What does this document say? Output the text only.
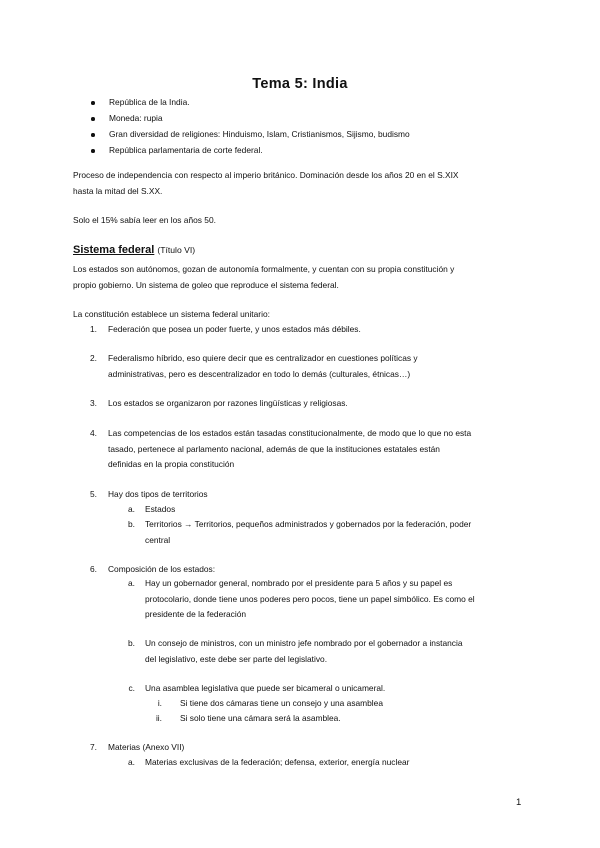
Tema 5: India
República de la India.
Moneda: rupia
Gran diversidad de religiones: Hinduismo, Islam, Cristianismos, Sijismo, budismo
República parlamentaria de corte federal.
Proceso de independencia con respecto al imperio británico. Dominación desde los años 20 en el S.XIX
hasta la mitad del S.XX.
Solo el 15% sabía leer en los años 50.
Sistema federal (Título VI)
Los estados son autónomos, gozan de autonomía formalmente, y cuentan con su propia constitución y
propio gobierno. Un sistema de goleo que reproduce el sistema federal.
La constitución establece un sistema federal unitario:
1. Federación que posea un poder fuerte, y unos estados más débiles.
2. Federalismo híbrido, eso quiere decir que es centralizador en cuestiones políticas y
administrativas, pero es descentralizador en todo lo demás (culturales, étnicas…)
3. Los estados se organizaron por razones lingüísticas y religiosas.
4. Las competencias de los estados están tasadas constitucionalmente, de modo que lo que no esta
tasado, pertenece al parlamento nacional, además de que la instituciones estatales están
definidas en la propia constitución
5. Hay dos tipos de territorios
a. Estados
b. Territorios → Territorios, pequeños administrados y gobernados por la federación, poder
central
6. Composición de los estados:
a. Hay un gobernador general, nombrado por el presidente para 5 años y su papel es
protocolario, donde tiene unos poderes pero pocos, tiene un papel simbólico. Es como el
presidente de la federación
b. Un consejo de ministros, con un ministro jefe nombrado por el gobernador a instancia
del legislativo, este debe ser parte del legislativo.
c. Una asamblea legislativa que puede ser bicameral o unicameral.
i. Si tiene dos cámaras tiene un consejo y una asamblea
ii. Si solo tiene una cámara será la asamblea.
7. Materias (Anexo VII)
a. Materias exclusivas de la federación; defensa, exterior, energía nuclear
1
